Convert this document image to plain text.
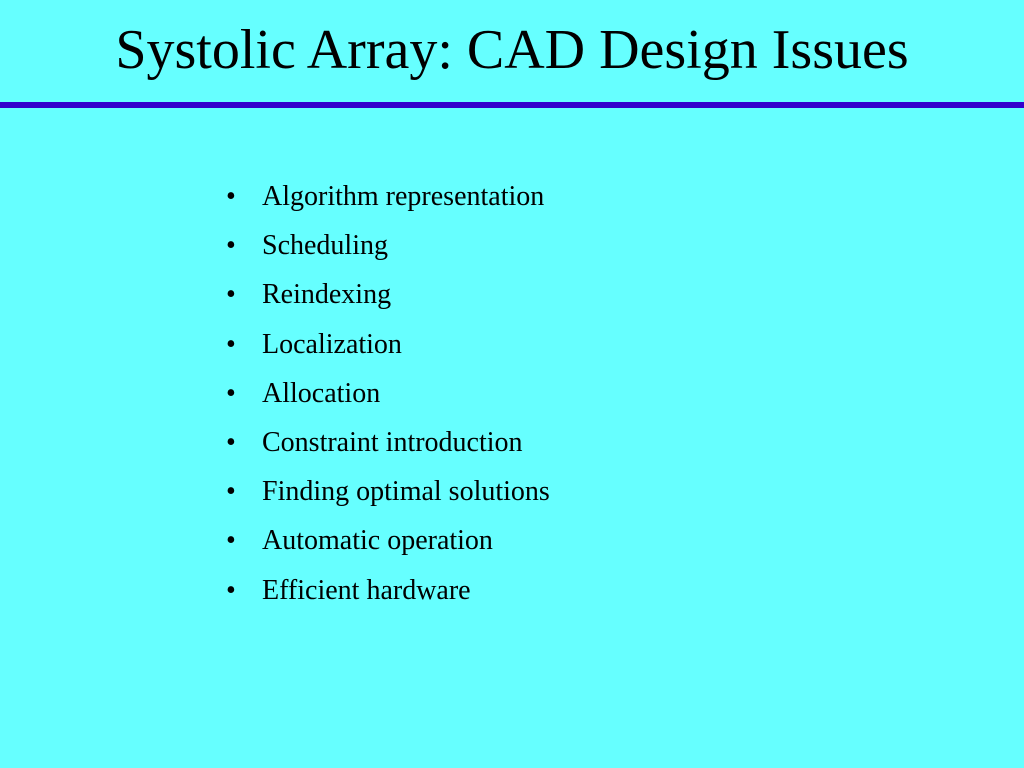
Systolic Array: CAD Design Issues
• Algorithm representation
• Scheduling
• Reindexing
• Localization
• Allocation
• Constraint introduction
• Finding optimal solutions
• Automatic operation
• Efficient hardware
